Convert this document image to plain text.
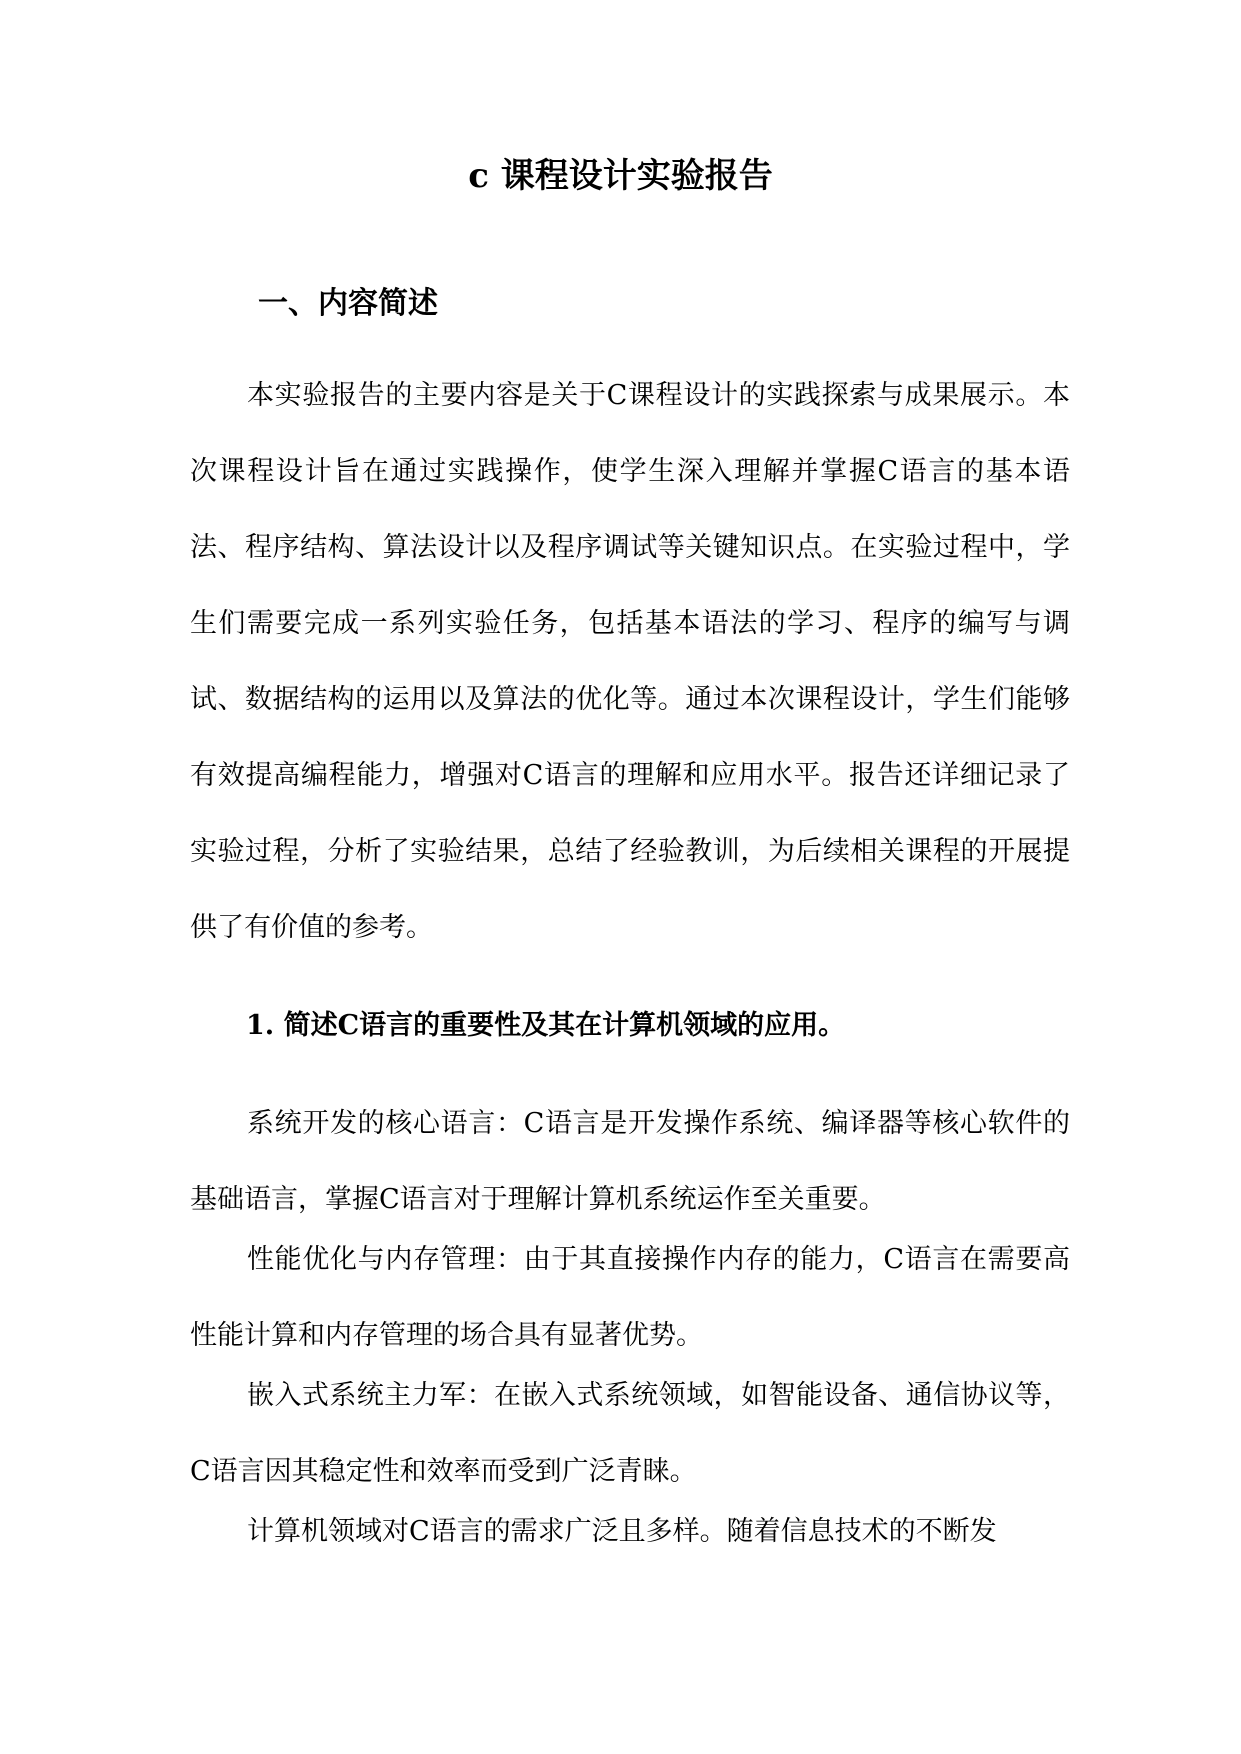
c 课程设计实验报告
一、内容简述

本实验报告的主要内容是关于C课程设计的实践探索与成果展示。本次课程设计旨在通过实践操作，使学生深入理解并掌握C语言的基本语法、程序结构、算法设计以及程序调试等关键知识点。在实验过程中，学生们需要完成一系列实验任务，包括基本语法的学习、程序的编写与调试、数据结构的运用以及算法的优化等。通过本次课程设计，学生们能够有效提高编程能力，增强对C语言的理解和应用水平。报告还详细记录了实验过程，分析了实验结果，总结了经验教训，为后续相关课程的开展提供了有价值的参考。

1. 简述C语言的重要性及其在计算机领域的应用。

系统开发的核心语言：C语言是开发操作系统、编译器等核心软件的基础语言，掌握C语言对于理解计算机系统运作至关重要。

性能优化与内存管理：由于其直接操作内存的能力，C语言在需要高性能计算和内存管理的场合具有显著优势。

嵌入式系统主力军：在嵌入式系统领域，如智能设备、通信协议等，C语言因其稳定性和效率而受到广泛青睐。

计算机领域对C语言的需求广泛且多样。随着信息技术的不断发
